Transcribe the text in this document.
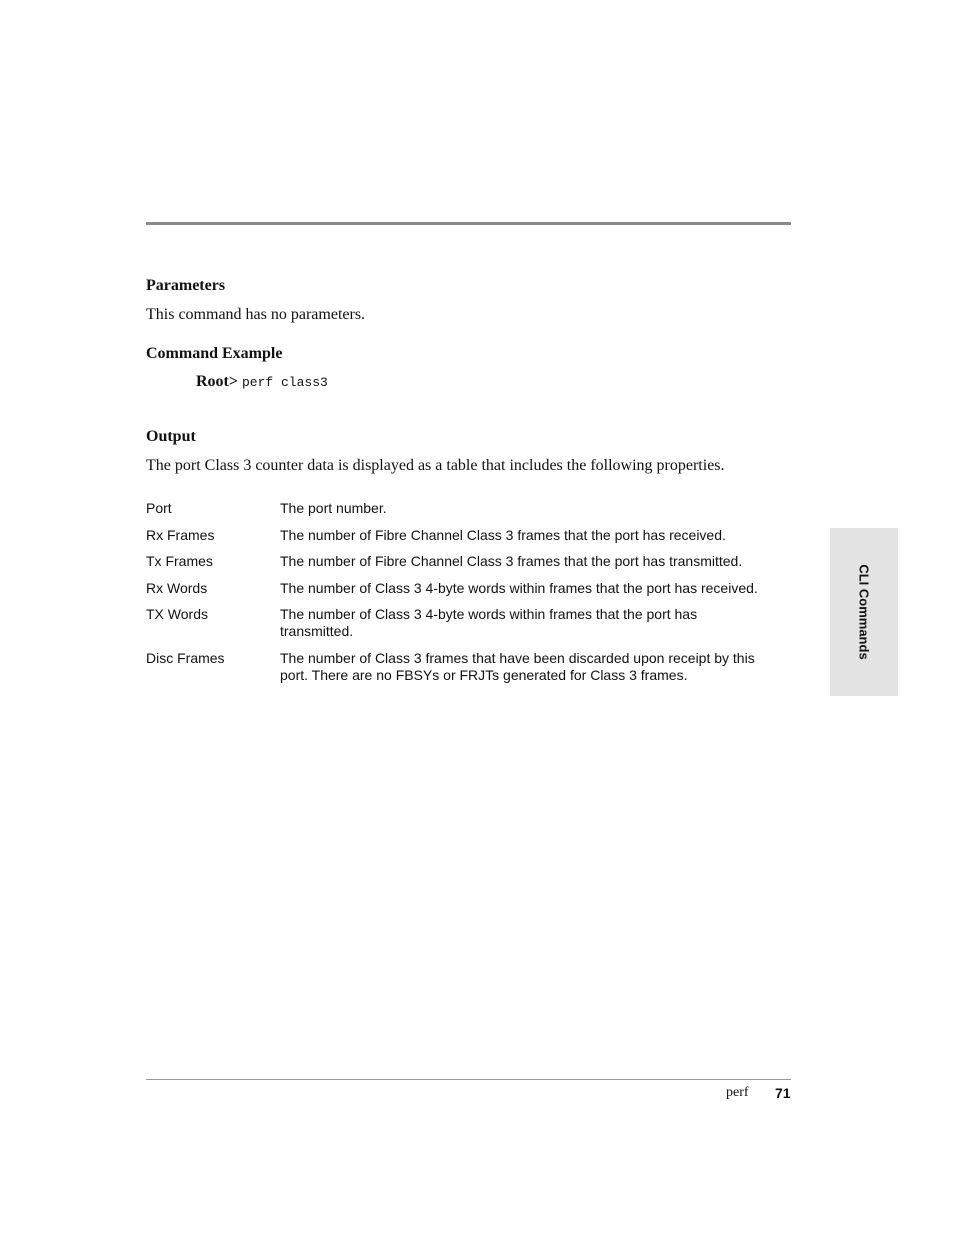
Parameters

This command has no parameters.

Command Example
Root> perf class3
Output

The port Class 3 counter data is displayed as a table that includes the following properties.

Port	The port number.
Rx Frames	The number of Fibre Channel Class 3 frames that the port has received.
Tx Frames	The number of Fibre Channel Class 3 frames that the port has transmitted.
Rx Words	The number of Class 3 4-byte words within frames that the port has received.
TX Words	The number of Class 3 4-byte words within frames that the port has transmitted.
Disc Frames	The number of Class 3 frames that have been discarded upon receipt by this port. There are no FBSYs or FRJTs generated for Class 3 frames.
CLI Commands
perf 71
